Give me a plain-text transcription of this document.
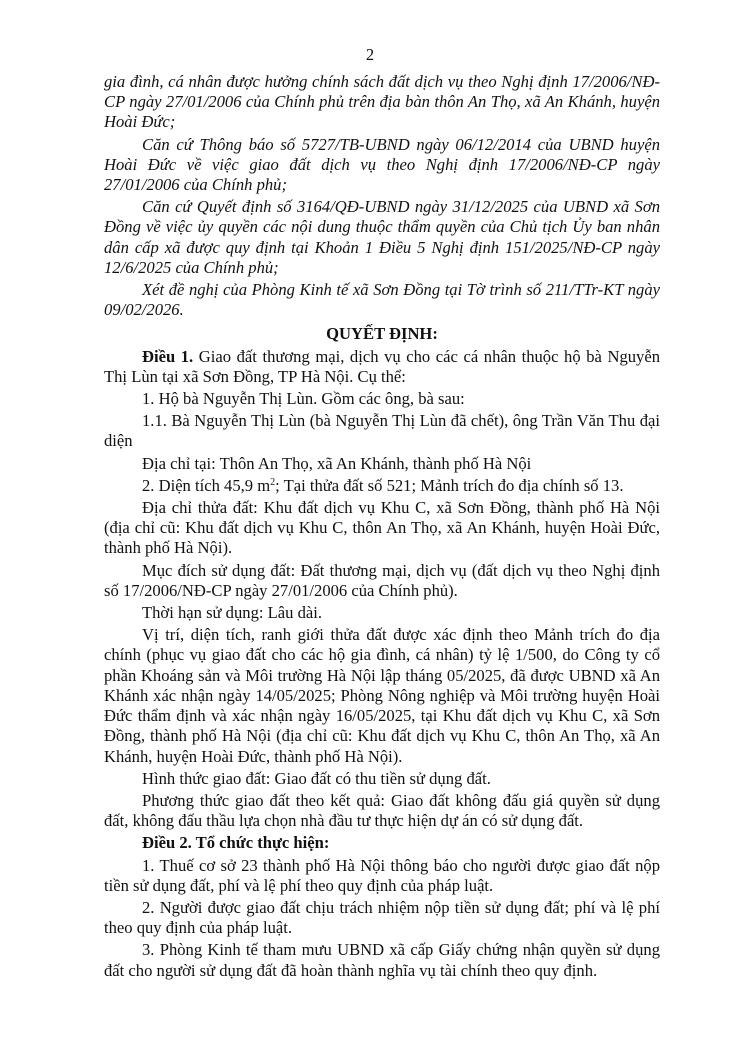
2

gia đình, cá nhân được hưởng chính sách đất dịch vụ theo Nghị định 17/2006/NĐ-CP ngày 27/01/2006 của Chính phủ trên địa bàn thôn An Thọ, xã An Khánh, huyện Hoài Đức;

Căn cứ Thông báo số 5727/TB-UBND ngày 06/12/2014 của UBND huyện Hoài Đức về việc giao đất dịch vụ theo Nghị định 17/2006/NĐ-CP ngày 27/01/2006 của Chính phủ;

Căn cứ Quyết định số 3164/QĐ-UBND ngày 31/12/2025 của UBND xã Sơn Đồng về việc ủy quyền các nội dung thuộc thẩm quyền của Chủ tịch Ủy ban nhân dân cấp xã được quy định tại Khoản 1 Điều 5 Nghị định 151/2025/NĐ-CP ngày 12/6/2025 của Chính phủ;

Xét đề nghị của Phòng Kinh tế xã Sơn Đồng tại Tờ trình số 211/TTr-KT ngày 09/02/2026.

QUYẾT ĐỊNH:

Điều 1. Giao đất thương mại, dịch vụ cho các cá nhân thuộc hộ bà Nguyễn Thị Lùn tại xã Sơn Đồng, TP Hà Nội. Cụ thể:

1. Hộ bà Nguyễn Thị Lùn. Gồm các ông, bà sau:

1.1. Bà Nguyễn Thị Lùn (bà Nguyễn Thị Lùn đã chết), ông Trần Văn Thu đại diện

Địa chỉ tại: Thôn An Thọ, xã An Khánh, thành phố Hà Nội

2. Diện tích 45,9 $m^2$; Tại thửa đất số 521; Mảnh trích đo địa chính số 13.

Địa chỉ thửa đất: Khu đất dịch vụ Khu C, xã Sơn Đồng, thành phố Hà Nội (địa chỉ cũ: Khu đất dịch vụ Khu C, thôn An Thọ, xã An Khánh, huyện Hoài Đức, thành phố Hà Nội).

Mục đích sử dụng đất: Đất thương mại, dịch vụ (đất dịch vụ theo Nghị định số 17/2006/NĐ-CP ngày 27/01/2006 của Chính phủ).

Thời hạn sử dụng: Lâu dài.

Vị trí, diện tích, ranh giới thửa đất được xác định theo Mảnh trích đo địa chính (phục vụ giao đất cho các hộ gia đình, cá nhân) tỷ lệ 1/500, do Công ty cổ phần Khoáng sản và Môi trường Hà Nội lập tháng 05/2025, đã được UBND xã An Khánh xác nhận ngày 14/05/2025; Phòng Nông nghiệp và Môi trường huyện Hoài Đức thẩm định và xác nhận ngày 16/05/2025, tại Khu đất dịch vụ Khu C, xã Sơn Đồng, thành phố Hà Nội (địa chỉ cũ: Khu đất dịch vụ Khu C, thôn An Thọ, xã An Khánh, huyện Hoài Đức, thành phố Hà Nội).

Hình thức giao đất: Giao đất có thu tiền sử dụng đất.

Phương thức giao đất theo kết quả: Giao đất không đấu giá quyền sử dụng đất, không đấu thầu lựa chọn nhà đầu tư thực hiện dự án có sử dụng đất.

Điều 2. Tổ chức thực hiện:

1. Thuế cơ sở 23 thành phố Hà Nội thông báo cho người được giao đất nộp tiền sử dụng đất, phí và lệ phí theo quy định của pháp luật.

2. Người được giao đất chịu trách nhiệm nộp tiền sử dụng đất; phí và lệ phí theo quy định của pháp luật.

3. Phòng Kinh tế tham mưu UBND xã cấp Giấy chứng nhận quyền sử dụng đất cho người sử dụng đất đã hoàn thành nghĩa vụ tài chính theo quy định.
